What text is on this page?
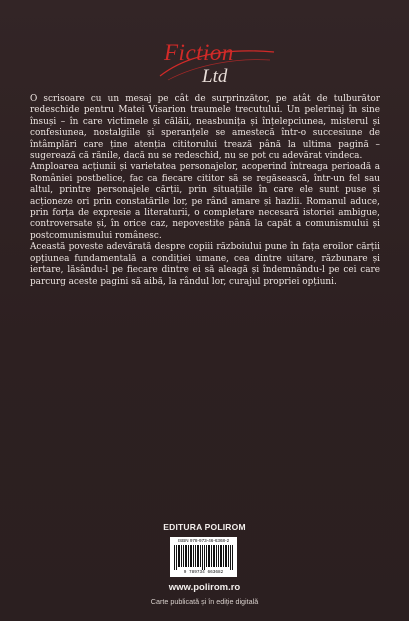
Fiction
Ltd

O scrisoare cu un mesaj pe cât de surprinzător, pe atât de tulburător redeschide pentru Matei Visarion traumele trecutului. Un pelerinaj în sine însuși – în care victimele și călăii, neasbunița și înțelepciunea, misterul și confesiunea, nostalgiile și speranțele se amestecă într-o succesiune de întâmplări care ține atenția cititorului trează până la ultima pagină – sugerează că rănile, dacă nu se redeschid, nu se pot cu adevărat vindeca.

Amploarea acțiunii și varietatea personajelor, acoperind întreaga perioadă a României postbelice, fac ca fiecare cititor să se regăsească, într-un fel sau altul, printre personajele cărții, prin situațiile în care ele sunt puse și acționeze ori prin constatările lor, pe rând amare și hazlii. Romanul aduce, prin forța de expresie a literaturii, o completare necesară istoriei ambigue, controversate și, în orice caz, nepovestite până la capăt a comunismului și postcomunismului românesc.

Această poveste adevărată despre copiii războiului pune în fața eroilor cărții opțiunea fundamentală a condiției umane, cea dintre uitare, răzbunare și iertare, lăsându-l pe fiecare dintre ei să aleagă și îndemnându-l pe cei care parcurg aceste pagini să aibă, la rândul lor, curajul propriei opțiuni.

EDITURA POLIROM
ISBN 978-973-46-6368-2
9 789734 663682
www.polirom.ro
Carte publicată și în ediție digitală
